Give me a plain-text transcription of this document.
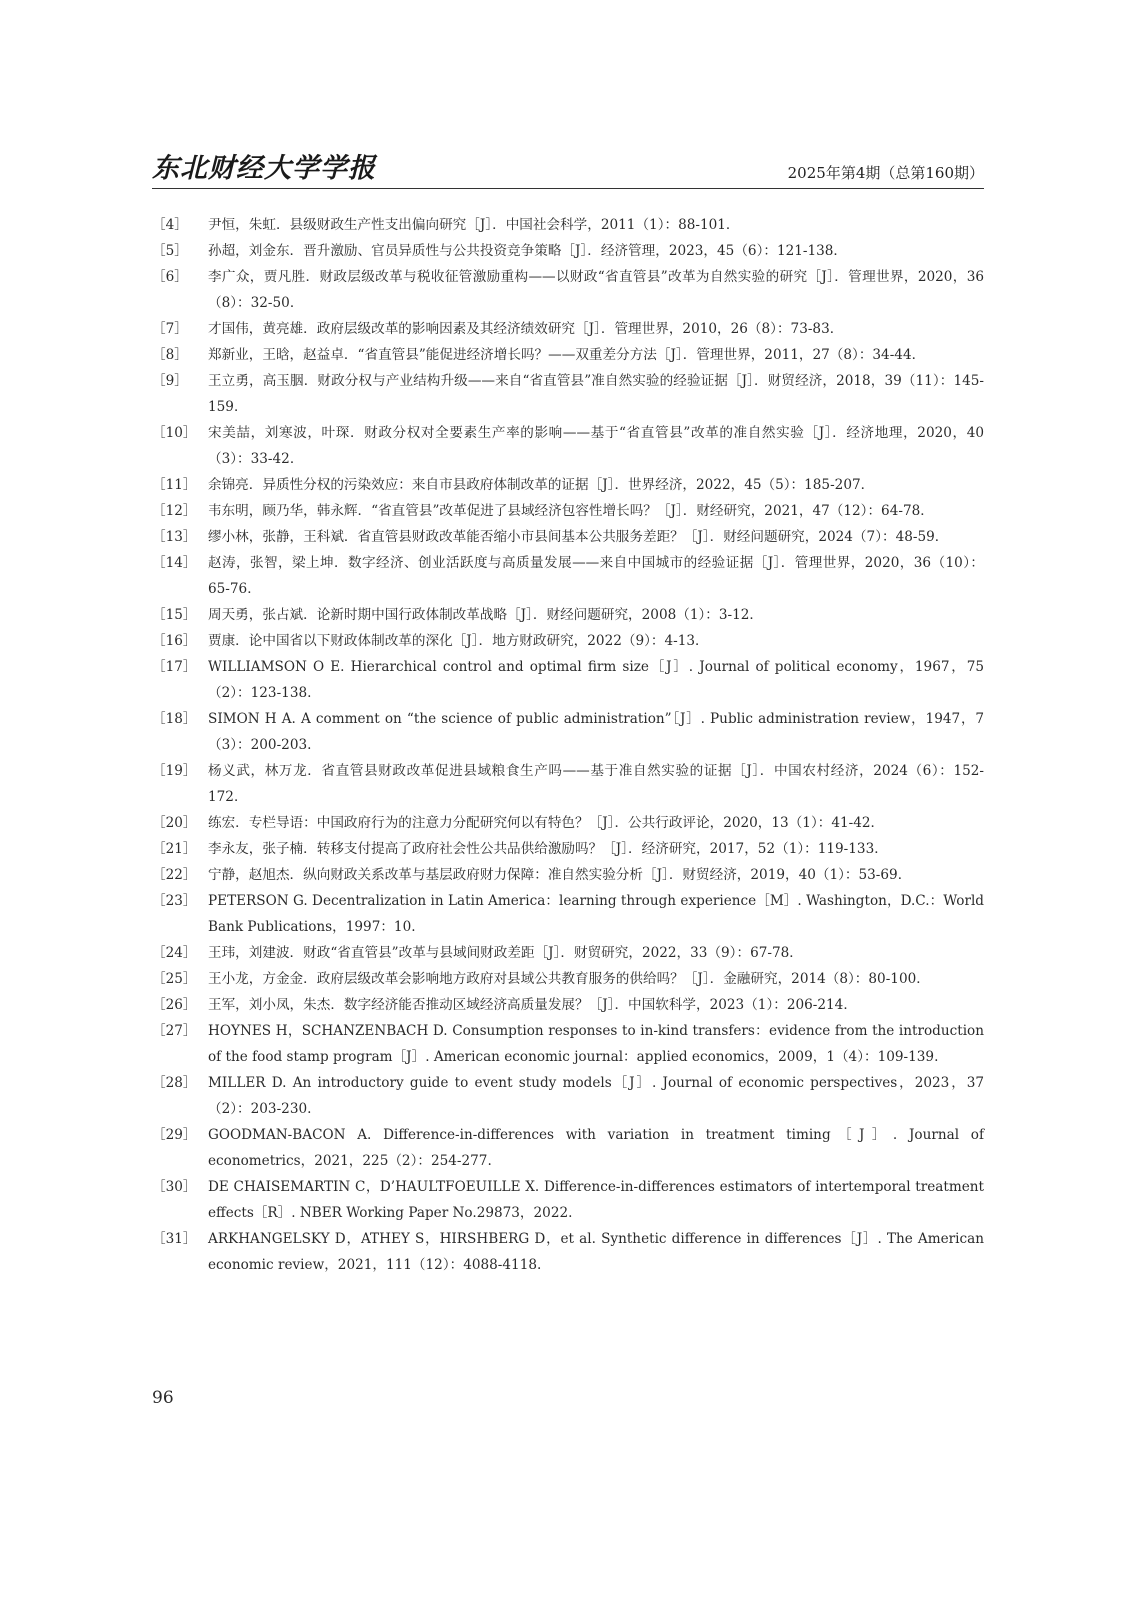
东北财经大学学报	2025年第4期（总第160期）
［4］	尹恒，朱虹．县级财政生产性支出偏向研究［J］．中国社会科学，2011（1）：88-101．
［5］	孙超，刘金东．晋升激励、官员异质性与公共投资竞争策略［J］．经济管理，2023，45（6）：121-138．
［6］	李广众，贾凡胜．财政层级改革与税收征管激励重构——以财政“省直管县”改革为自然实验的研究［J］．管理世界，2020，36（8）：32-50．
［7］	才国伟，黄亮雄．政府层级改革的影响因素及其经济绩效研究［J］．管理世界，2010，26（8）：73-83．
［8］	郑新业，王晗，赵益卓．“省直管县”能促进经济增长吗？——双重差分方法［J］．管理世界，2011，27（8）：34-44．
［9］	王立勇，高玉胭．财政分权与产业结构升级——来自“省直管县”准自然实验的经验证据［J］．财贸经济，2018，39（11）：145-159．
［10］ 宋美喆，刘寒波，叶琛．财政分权对全要素生产率的影响——基于“省直管县”改革的准自然实验［J］．经济地理，2020，40（3）：33-42．
［11］ 余锦亮．异质性分权的污染效应：来自市县政府体制改革的证据［J］．世界经济，2022，45（5）：185-207．
［12］ 韦东明，顾乃华，韩永辉．“省直管县”改革促进了县域经济包容性增长吗？［J］．财经研究，2021，47（12）：64-78．
［13］ 缪小林，张静，王科斌．省直管县财政改革能否缩小市县间基本公共服务差距？［J］．财经问题研究，2024（7）：48-59．
［14］ 赵涛，张智，梁上坤．数字经济、创业活跃度与高质量发展——来自中国城市的经验证据［J］．管理世界，2020，36（10）：65-76．
［15］ 周天勇，张占斌．论新时期中国行政体制改革战略［J］．财经问题研究，2008（1）：3-12．
［16］ 贾康．论中国省以下财政体制改革的深化［J］．地方财政研究，2022（9）：4-13．
［17］ WILLIAMSON O E. Hierarchical control and optimal firm size［J］. Journal of political economy，1967，75（2）：123-138.
［18］ SIMON H A. A comment on “the science of public administration”［J］. Public administration review，1947，7（3）：200-203.
［19］ 杨义武，林万龙．省直管县财政改革促进县域粮食生产吗——基于准自然实验的证据［J］．中国农村经济，2024（6）：152-172．
［20］ 练宏．专栏导语：中国政府行为的注意力分配研究何以有特色？［J］．公共行政评论，2020，13（1）：41-42．
［21］ 李永友，张子楠．转移支付提高了政府社会性公共品供给激励吗？［J］．经济研究，2017，52（1）：119-133．
［22］ 宁静，赵旭杰．纵向财政关系改革与基层政府财力保障：准自然实验分析［J］．财贸经济，2019，40（1）：53-69．
［23］ PETERSON G. Decentralization in Latin America：learning through experience［M］. Washington，D.C.：World Bank Publications，1997：10.
［24］ 王玮，刘建波．财政“省直管县”改革与县域间财政差距［J］．财贸研究，2022，33（9）：67-78．
［25］ 王小龙，方金金．政府层级改革会影响地方政府对县域公共教育服务的供给吗？［J］．金融研究，2014（8）：80-100．
［26］ 王军，刘小凤，朱杰．数字经济能否推动区域经济高质量发展？［J］．中国软科学，2023（1）：206-214．
［27］ HOYNES H，SCHANZENBACH D. Consumption responses to in-kind transfers：evidence from the introduction of the food stamp program［J］. American economic journal：applied economics，2009，1（4）：109-139.
［28］ MILLER D. An introductory guide to event study models［J］. Journal of economic perspectives，2023，37（2）：203-230.
［29］ GOODMAN-BACON A. Difference-in-differences with variation in treatment timing［J］. Journal of econometrics，2021，225（2）：254-277.
［30］ DE CHAISEMARTIN C，D’HAULTFOEUILLE X. Difference-in-differences estimators of intertemporal treatment effects［R］. NBER Working Paper No.29873，2022.
［31］ ARKHANGELSKY D，ATHEY S，HIRSHBERG D，et al. Synthetic difference in differences［J］. The American economic review，2021，111（12）：4088-4118.
96
